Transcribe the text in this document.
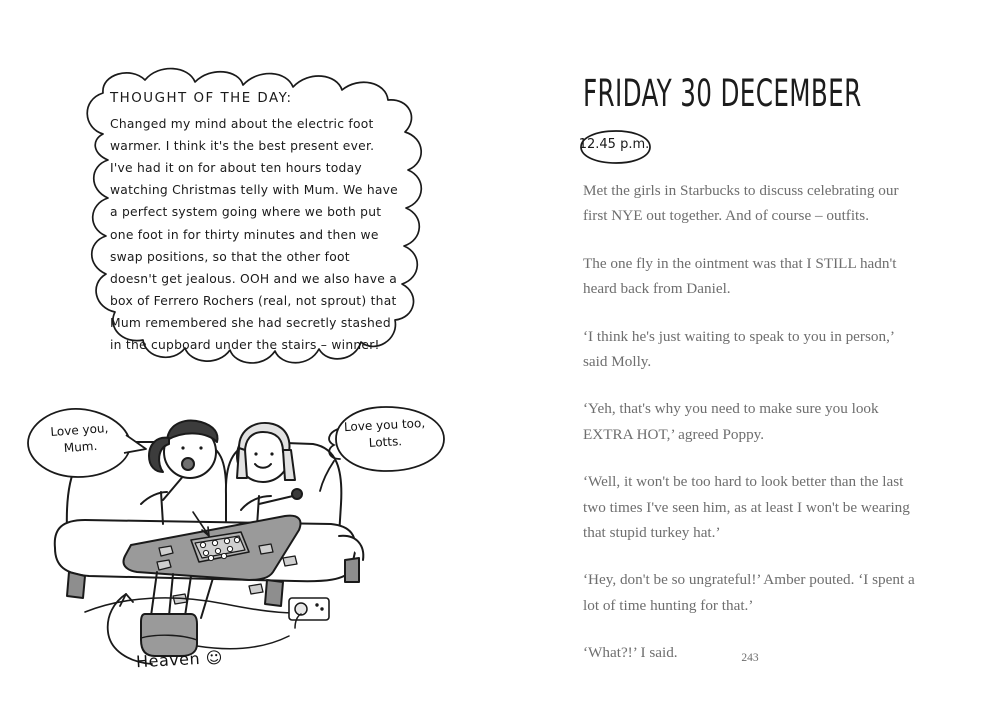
THOUGHT OF THE DAY:
Changed my mind about the electric foot warmer. I think it's the best present ever. I've had it on for about ten hours today watching Christmas telly with Mum. We have a perfect system going where we both put one foot in for thirty minutes and then we swap positions, so that the other foot doesn't get jealous. OOH and we also have a box of Ferrero Rochers (real, not sprout) that Mum remembered she had secretly stashed in the cupboard under the stairs – winner!
Love you,
Mum.
Love you too,
Lotts.
Heaven ☺
FRIDAY 30 DECEMBER
12.45 p.m.

Met the girls in Starbucks to discuss celebrating our first NYE out together. And of course – outfits.

The one fly in the ointment was that I STILL hadn't heard back from Daniel.

‘I think he's just waiting to speak to you in person,’ said Molly.

‘Yeh, that's why you need to make sure you look EXTRA HOT,’ agreed Poppy.

‘Well, it won't be too hard to look better than the last two times I've seen him, as at least I won't be wearing that stupid turkey hat.’

‘Hey, don't be so ungrateful!’ Amber pouted. ‘I spent a lot of time hunting for that.’

‘What?!’ I said.	243
